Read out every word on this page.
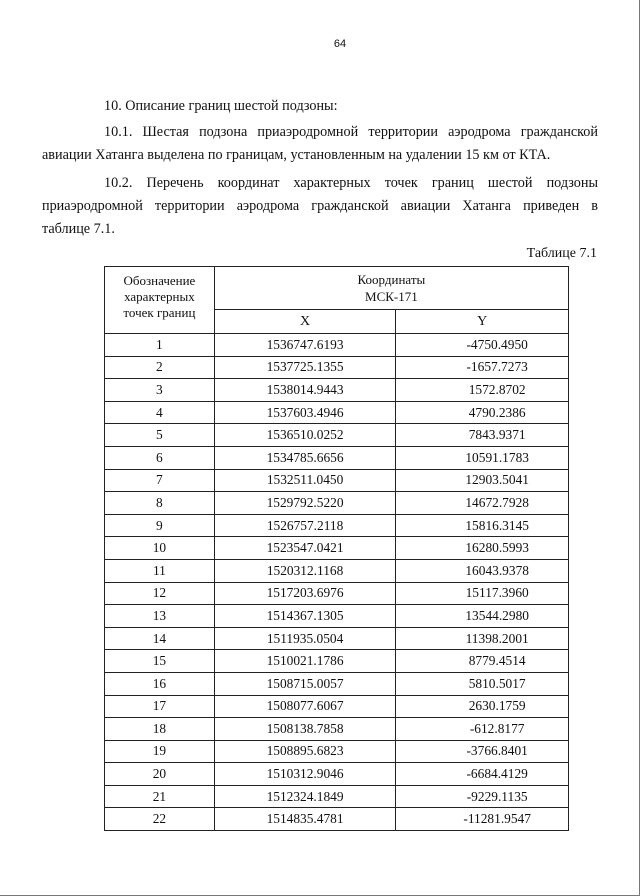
64
10. Описание границ шестой подзоны:
10.1. Шестая подзона приаэродромной территории аэродрома гражданской
авиации Хатанга выделена по границам, установленным на удалении 15 км от КТА.
10.2. Перечень координат характерных точек границ шестой подзоны
приаэродромной территории аэродрома гражданской авиации Хатанга приведен в
таблице 7.1.
Таблице 7.1
Обозначение
характерных
точек границ	Координаты
МСК-171	

	X	Y
1	1536747.6193	-4750.4950
2	1537725.1355	-1657.7273
3	1538014.9443	1572.8702
4	1537603.4946	4790.2386
5	1536510.0252	7843.9371
6	1534785.6656	10591.1783
7	1532511.0450	12903.5041
8	1529792.5220	14672.7928
9	1526757.2118	15816.3145
10	1523547.0421	16280.5993
11	1520312.1168	16043.9378
12	1517203.6976	15117.3960
13	1514367.1305	13544.2980
14	1511935.0504	11398.2001
15	1510021.1786	8779.4514
16	1508715.0057	5810.5017
17	1508077.6067	2630.1759
18	1508138.7858	-612.8177
19	1508895.6823	-3766.8401
20	1510312.9046	-6684.4129
21	1512324.1849	-9229.1135
22	1514835.4781	-11281.9547
